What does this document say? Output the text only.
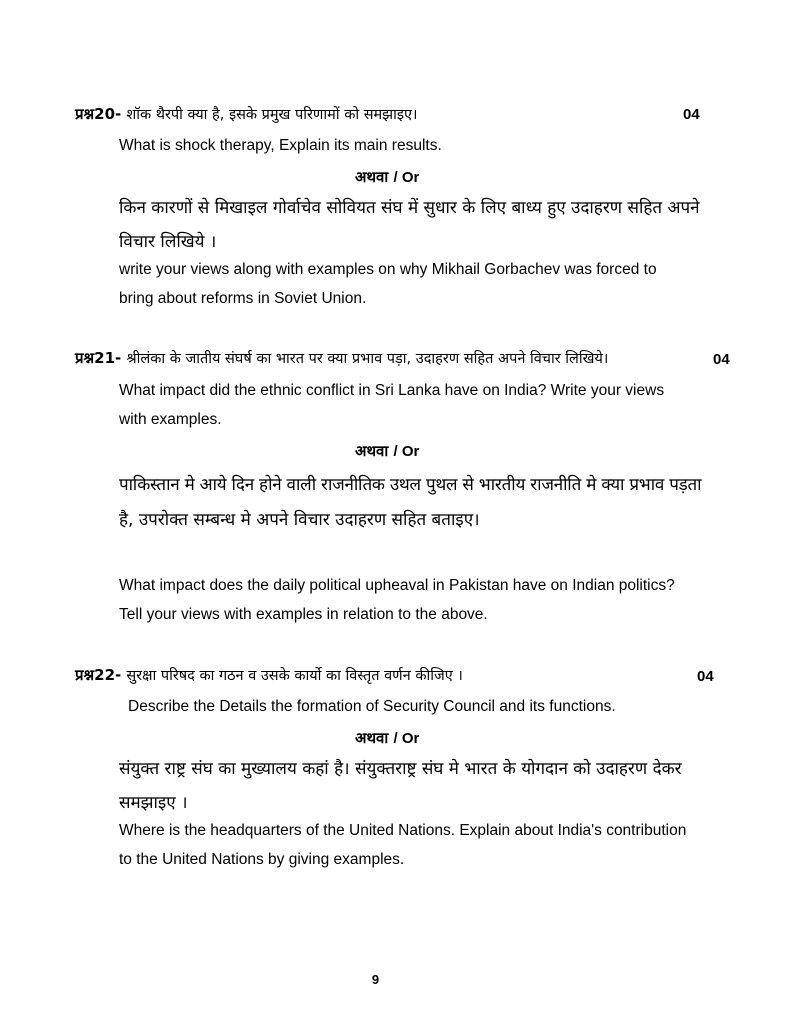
प्रश्न20- शॉक थैरपी क्या है, इसके प्रमुख परिणामों को समझाइए।	04
What is shock therapy, Explain its main results.
अथवा / Or
किन कारणों से मिखाइल गोर्वाचेव सोवियत संघ में सुधार के लिए बाध्य हुए उदाहरण सहित अपने
विचार लिखिये ।
write your views along with examples on why Mikhail Gorbachev was forced to
bring about reforms in Soviet Union.
प्रश्न21- श्रीलंका के जातीय संघर्ष का भारत पर क्या प्रभाव पड़ा, उदाहरण सहित अपने विचार लिखिये।	04
What impact did the ethnic conflict in Sri Lanka have on India? Write your views
with examples.
अथवा / Or
पाकिस्तान मे आये दिन होने वाली राजनीतिक उथल पुथल से भारतीय राजनीति मे क्या प्रभाव पड़ता
है, उपरोक्त सम्बन्ध मे अपने विचार उदाहरण सहित बताइए।
What impact does the daily political upheaval in Pakistan have on Indian politics?
Tell your views with examples in relation to the above.
प्रश्न22- सुरक्षा परिषद का गठन व उसके कार्यो का विस्तृत वर्णन कीजिए ।	04
Describe the Details the formation of Security Council and its functions.
अथवा / Or
संयुक्त राष्ट्र संघ का मुख्यालय कहां है। संयुक्तराष्ट्र संघ मे भारत के योगदान को उदाहरण देकर
समझाइए ।
Where is the headquarters of the United Nations. Explain about India's contribution
to the United Nations by giving examples.
9
